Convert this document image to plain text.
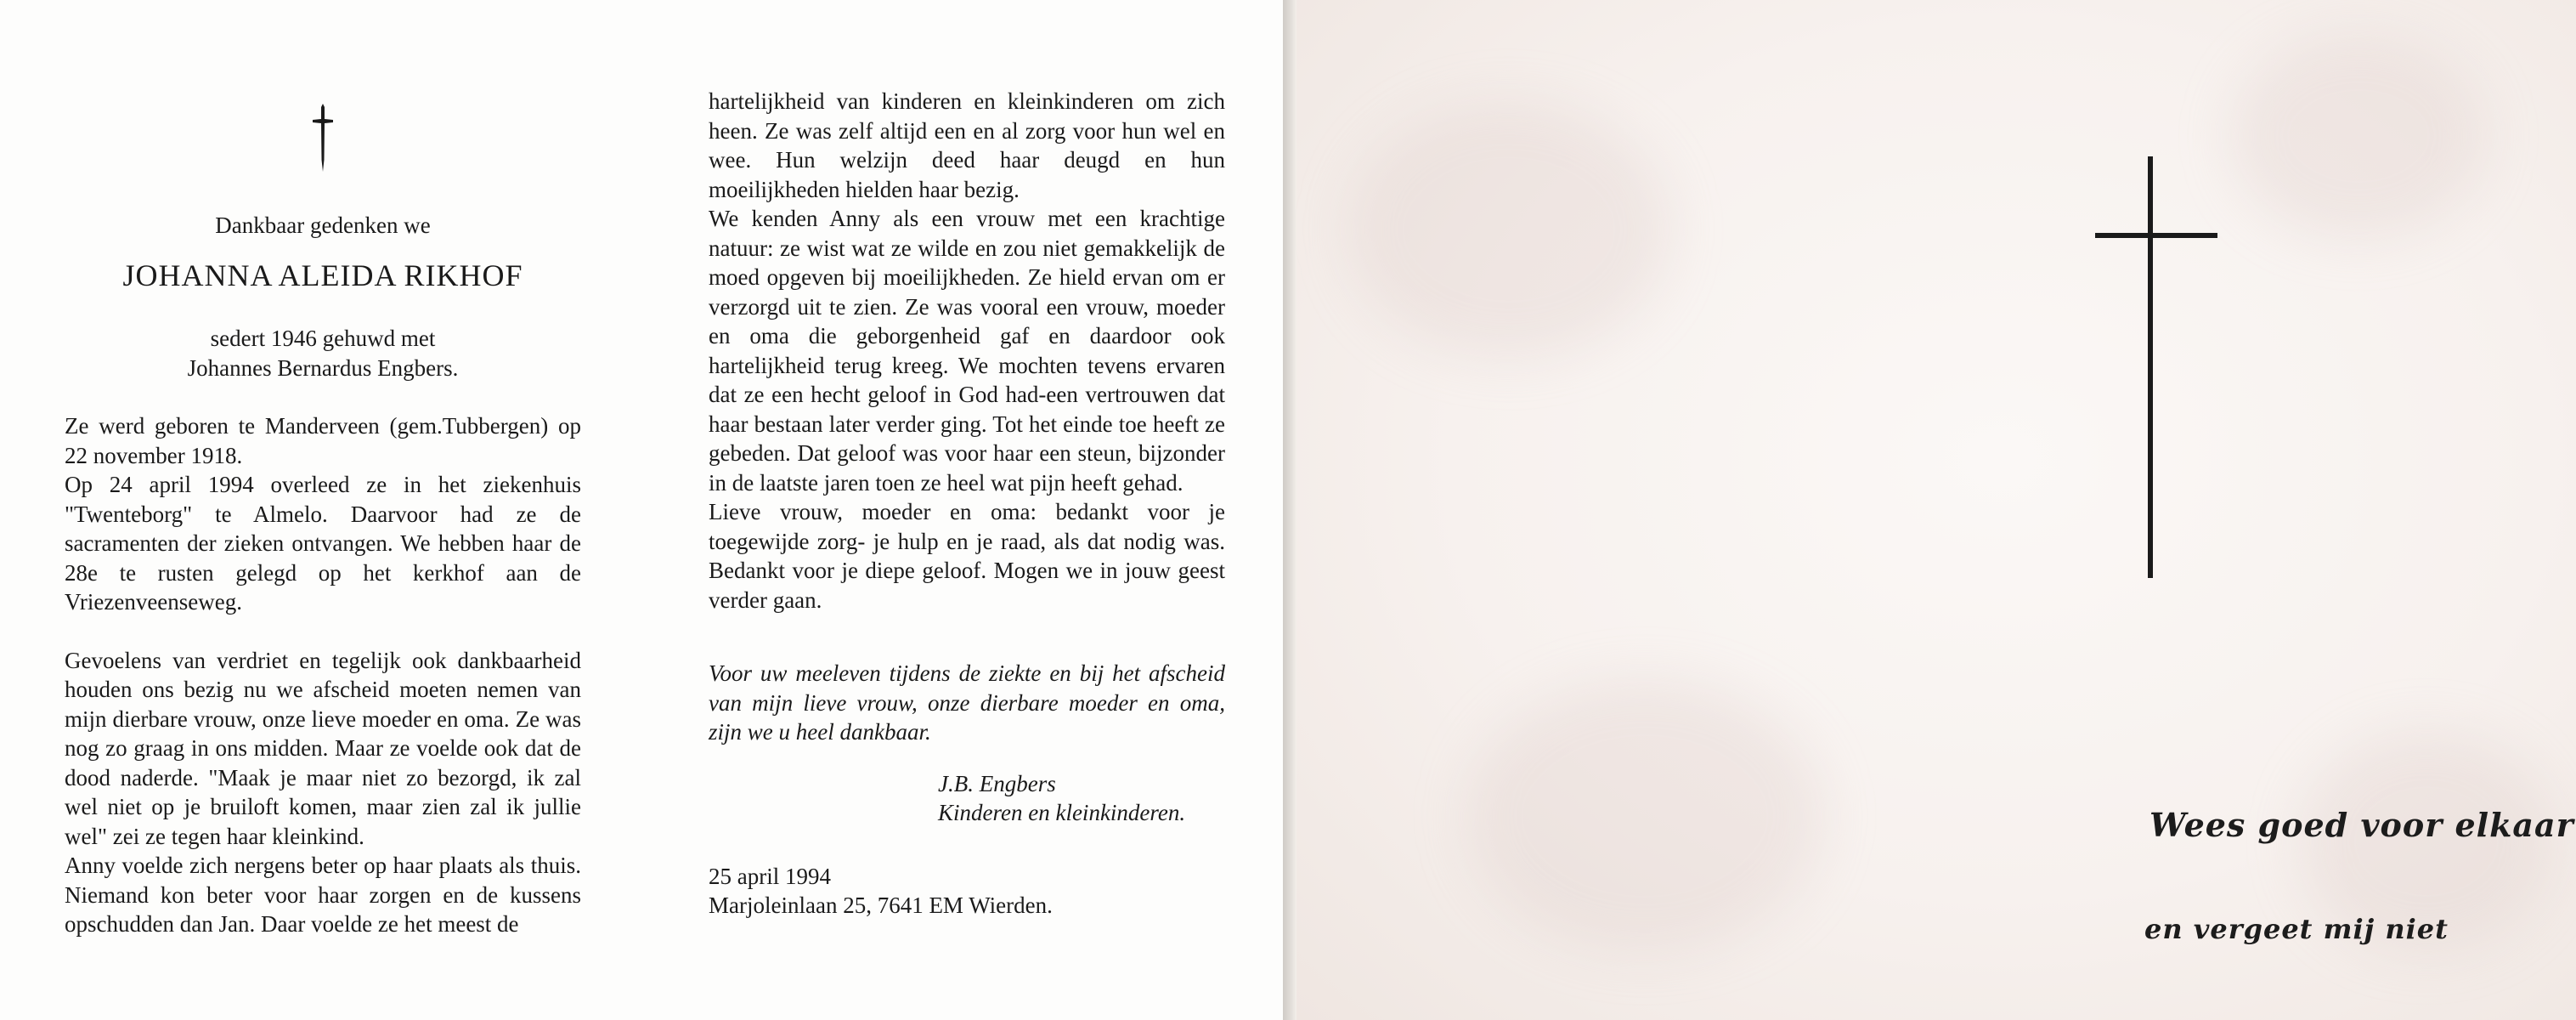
Dankbaar gedenken we
JOHANNA ALEIDA RIKHOF
sedert 1946 gehuwd met
Johannes Bernardus Engbers.

Ze werd geboren te Manderveen (gem.Tubbergen) op 22 november 1918.

Op 24 april 1994 overleed ze in het ziekenhuis "Twenteborg" te Almelo. Daarvoor had ze de sacramenten der zieken ontvangen. We hebben haar de 28e te rusten gelegd op het kerkhof aan de Vriezenveenseweg.

Gevoelens van verdriet en tegelijk ook dankbaarheid houden ons bezig nu we afscheid moeten nemen van mijn dierbare vrouw, onze lieve moeder en oma. Ze was nog zo graag in ons midden. Maar ze voelde ook dat de dood naderde. "Maak je maar niet zo bezorgd, ik zal wel niet op je bruiloft komen, maar zien zal ik jullie wel" zei ze tegen haar kleinkind.

Anny voelde zich nergens beter op haar plaats als thuis. Niemand kon beter voor haar zorgen en de kussens opschudden dan Jan. Daar voelde ze het meest de

hartelijkheid van kinderen en kleinkinderen om zich heen. Ze was zelf altijd een en al zorg voor hun wel en wee. Hun welzijn deed haar deugd en hun moeilijkheden hielden haar bezig.

We kenden Anny als een vrouw met een krachtige natuur: ze wist wat ze wilde en zou niet gemakkelijk de moed opgeven bij moeilijkheden. Ze hield ervan om er verzorgd uit te zien. Ze was vooral een vrouw, moeder en oma die geborgenheid gaf en daardoor ook hartelijkheid terug kreeg. We mochten tevens ervaren dat ze een hecht geloof in God had-een vertrouwen dat haar bestaan later verder ging. Tot het einde toe heeft ze gebeden. Dat geloof was voor haar een steun, bijzonder in de laatste jaren toen ze heel wat pijn heeft gehad.

Lieve vrouw, moeder en oma: bedankt voor je toegewijde zorg- je hulp en je raad, als dat nodig was. Bedankt voor je diepe geloof. Mogen we in jouw geest verder gaan.

Voor uw meeleven tijdens de ziekte en bij het afscheid van mijn lieve vrouw, onze dierbare moeder en oma, zijn we u heel dankbaar.

J.B. Engbers
Kinderen en kleinkinderen.
25 april 1994
Marjoleinlaan 25, 7641 EM Wierden.
Wees goed voor elkaar
en vergeet mij niet
